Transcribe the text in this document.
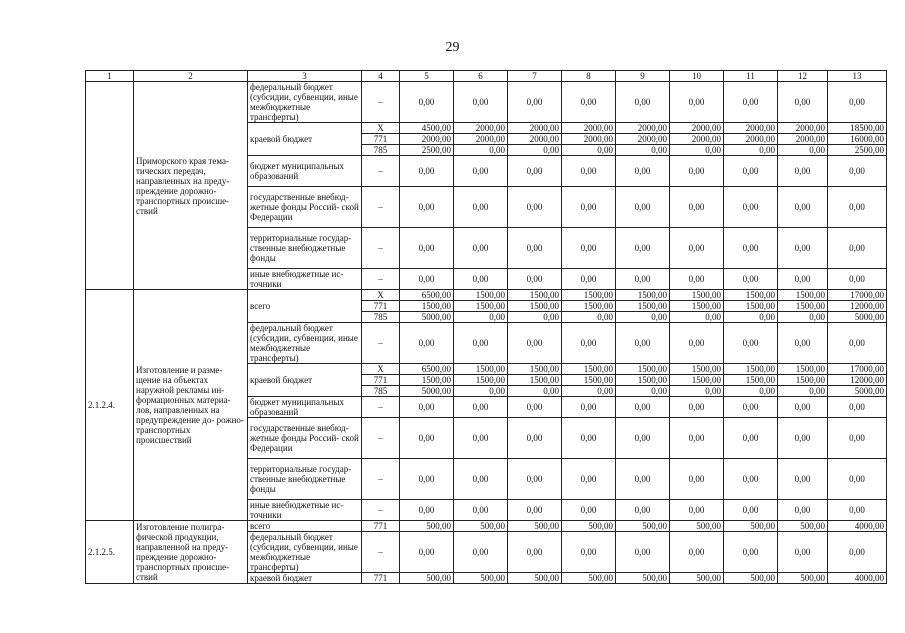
29
1	2	3	4	5	6	7	8	9	10	11	12	13
	Приморского края тема- тических передач, направленных на преду- преждение дорожно- транспортных происше- ствий	федеральный бюджет (субсидии, субвенции, иные межбюджетные трансферты)	–	0,00	0,00	0,00	0,00	0,00	0,00	0,00	0,00	0,00
		краевой бюджет	X	4500,00	2000,00	2000,00	2000,00	2000,00	2000,00	2000,00	2000,00	18500,00
			771	2000,00	2000,00	2000,00	2000,00	2000,00	2000,00	2000,00	2000,00	16000,00
			785	2500,00	0,00	0,00	0,00	0,00	0,00	0,00	0,00	2500,00
		бюджет муниципальных образований	–	0,00	0,00	0,00	0,00	0,00	0,00	0,00	0,00	0,00
		государственные внебюд- жетные фонды Россий- ской Федерации	–	0,00	0,00	0,00	0,00	0,00	0,00	0,00	0,00	0,00
		территориальные государ- ственные внебюджетные фонды	–	0,00	0,00	0,00	0,00	0,00	0,00	0,00	0,00	0,00
		иные внебюджетные ис- точники	–	0,00	0,00	0,00	0,00	0,00	0,00	0,00	0,00	0,00
2.1.2.4.	Изготовление и разме- щение на объектах наружной рекламы ин- формационных материа- лов, направленных на предупреждение до- рожно-транспортных происшествий	всего	X	6500,00	1500,00	1500,00	1500,00	1500,00	1500,00	1500,00	1500,00	17000,00
			771	1500,00	1500,00	1500,00	1500,00	1500,00	1500,00	1500,00	1500,00	12000,00
			785	5000,00	0,00	0,00	0,00	0,00	0,00	0,00	0,00	5000,00
		федеральный бюджет (субсидии, субвенции, иные межбюджетные трансферты)	–	0,00	0,00	0,00	0,00	0,00	0,00	0,00	0,00	0,00
		краевой бюджет	X	6500,00	1500,00	1500,00	1500,00	1500,00	1500,00	1500,00	1500,00	17000,00
			771	1500,00	1500,00	1500,00	1500,00	1500,00	1500,00	1500,00	1500,00	12000,00
			785	5000,00	0,00	0,00	0,00	0,00	0,00	0,00	0,00	5000,00
		бюджет муниципальных образований	–	0,00	0,00	0,00	0,00	0,00	0,00	0,00	0,00	0,00
		государственные внебюд- жетные фонды Россий- ской Федерации	–	0,00	0,00	0,00	0,00	0,00	0,00	0,00	0,00	0,00
		территориальные государ- ственные внебюджетные фонды	–	0,00	0,00	0,00	0,00	0,00	0,00	0,00	0,00	0,00
		иные внебюджетные ис- точники	–	0,00	0,00	0,00	0,00	0,00	0,00	0,00	0,00	0,00
2.1.2.5.	Изготовление полигра- фической продукции, направленной на преду- преждение дорожно- транспортных происше- ствий	всего	771	500,00	500,00	500,00	500,00	500,00	500,00	500,00	500,00	4000,00
		федеральный бюджет (субсидии, субвенции, иные межбюджетные трансферты)	–	0,00	0,00	0,00	0,00	0,00	0,00	0,00	0,00	0,00
		краевой бюджет	771	500,00	500,00	500,00	500,00	500,00	500,00	500,00	500,00	4000,00
